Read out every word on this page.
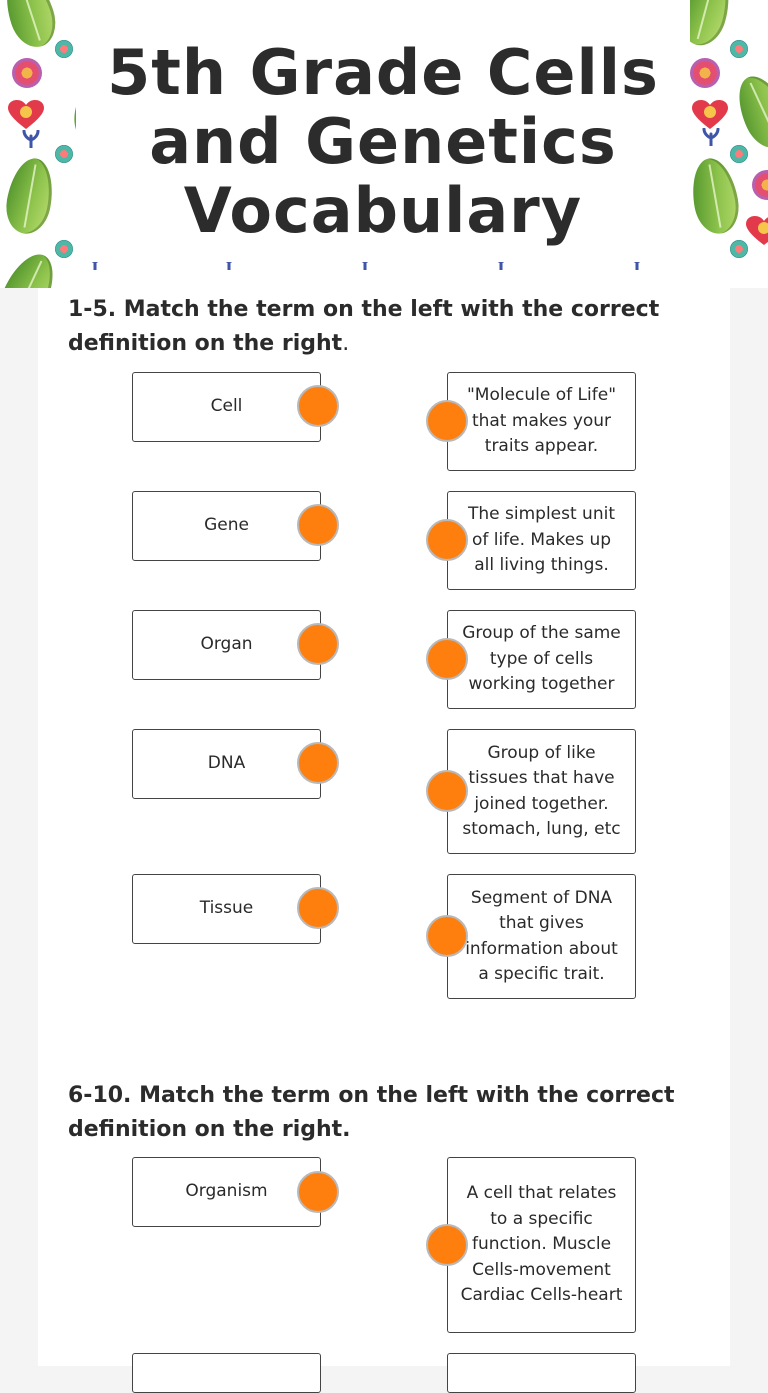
5th Grade Cells and Genetics Vocabulary
1-5. Match the term on the left with the correct definition on the right.
Cell
"Molecule of Life" that makes your traits appear.
Gene
The simplest unit of life. Makes up all living things.
Organ
Group of the same type of cells working together
DNA
Group of like tissues that have joined together. stomach, lung, etc
Tissue
Segment of DNA that gives information about a specific trait.
6-10. Match the term on the left with the correct definition on the right.
Organism	A cell that relates to a specific function. Muscle Cells-movement Cardiac Cells-heart
